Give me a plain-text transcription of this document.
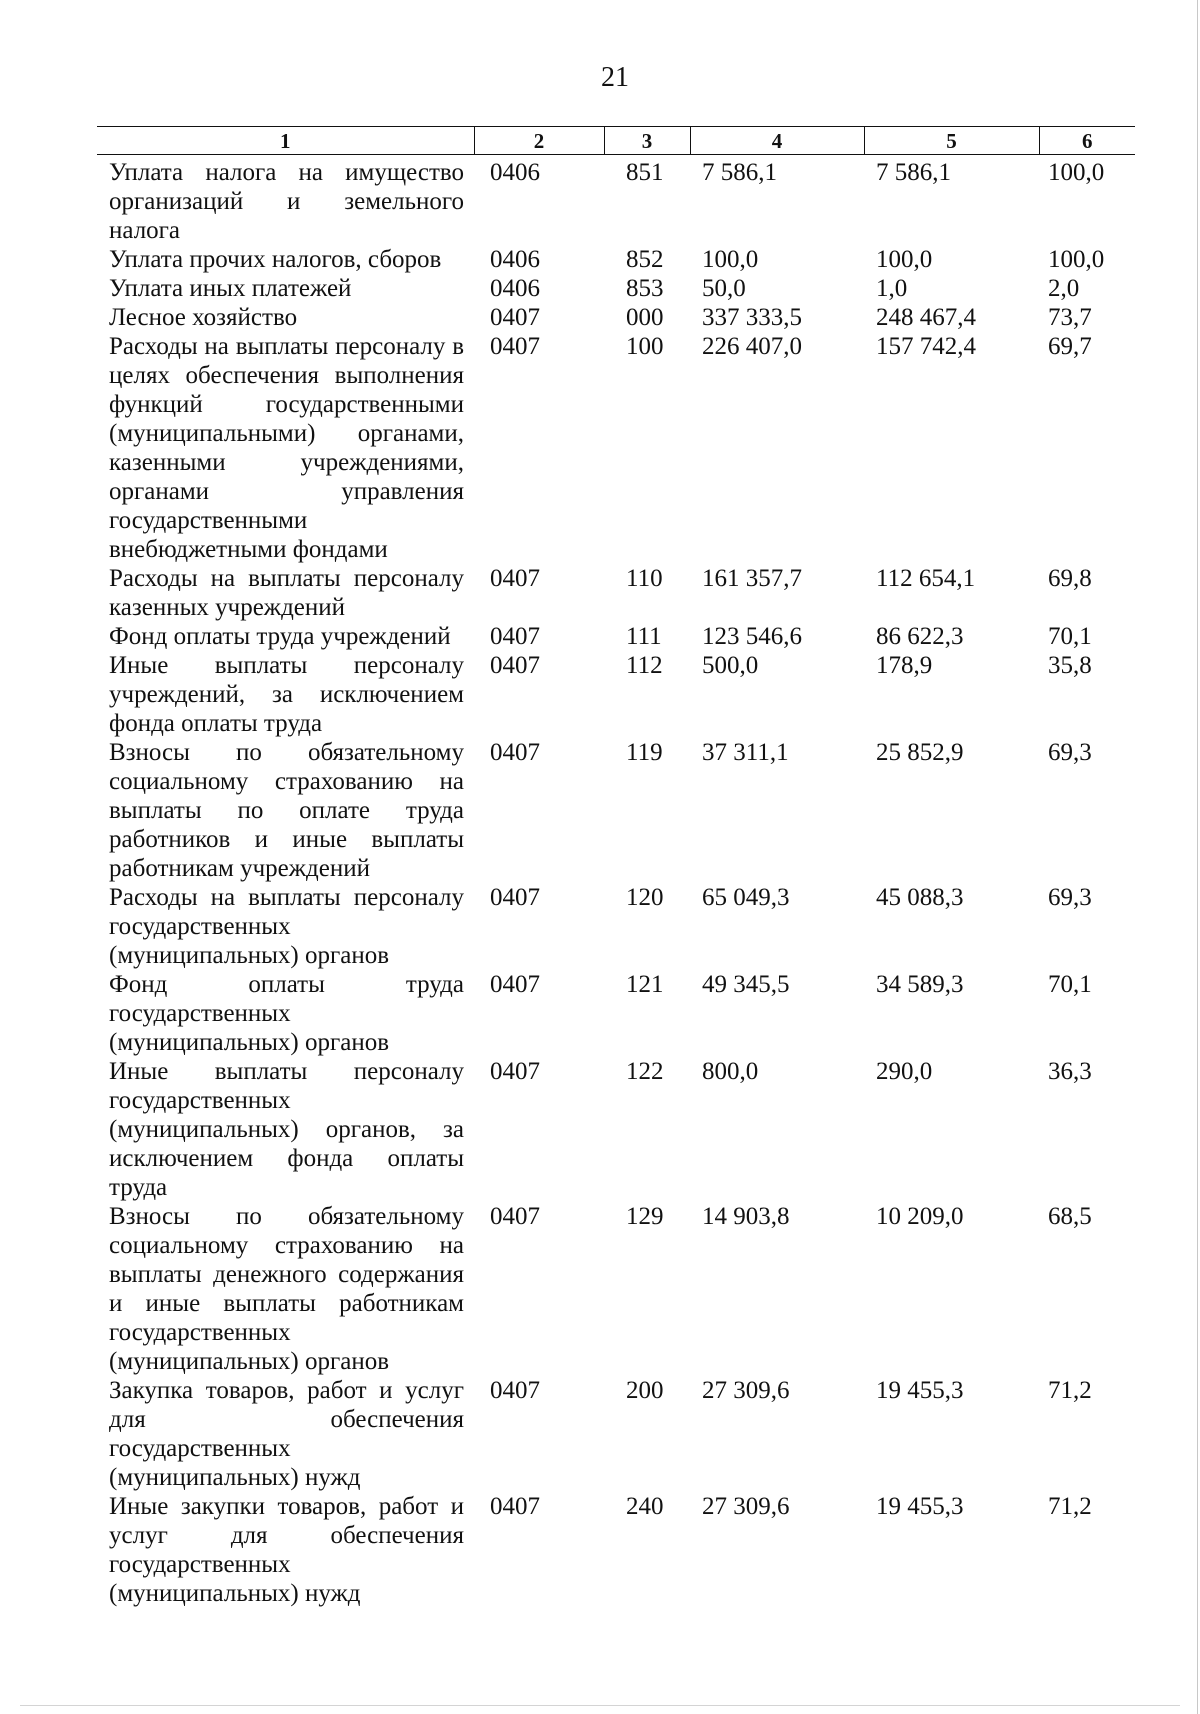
21
1	2	3	4	5	6
Уплата налога на имущество организаций и земельного налога	0406	851	7 586,1	7 586,1	100,0
Уплата прочих налогов, сборов	0406	852	100,0	100,0	100,0
Уплата иных платежей	0406	853	50,0	1,0	2,0
Лесное хозяйство	0407	000	337 333,5	248 467,4	73,7
Расходы на выплаты персоналу в целях обеспечения выполнения функций государственными (муниципальными) органами, казенными учреждениями, органами управления государственными внебюджетными фондами	0407	100	226 407,0	157 742,4	69,7
Расходы на выплаты персоналу казенных учреждений	0407	110	161 357,7	112 654,1	69,8
Фонд оплаты труда учреждений	0407	111	123 546,6	86 622,3	70,1
Иные выплаты персоналу учреждений, за исключением фонда оплаты труда	0407	112	500,0	178,9	35,8
Взносы по обязательному социальному страхованию на выплаты по оплате труда работников и иные выплаты работникам учреждений	0407	119	37 311,1	25 852,9	69,3
Расходы на выплаты персоналу государственных (муниципальных) органов	0407	120	65 049,3	45 088,3	69,3
Фонд оплаты труда государственных (муниципальных) органов	0407	121	49 345,5	34 589,3	70,1
Иные выплаты персоналу государственных (муниципальных) органов, за исключением фонда оплаты труда	0407	122	800,0	290,0	36,3
Взносы по обязательному социальному страхованию на выплаты денежного содержания и иные выплаты работникам государственных (муниципальных) органов	0407	129	14 903,8	10 209,0	68,5
Закупка товаров, работ и услуг для обеспечения государственных (муниципальных) нужд	0407	200	27 309,6	19 455,3	71,2
Иные закупки товаров, работ и услуг для обеспечения государственных (муниципальных) нужд	0407	240	27 309,6	19 455,3	71,2
